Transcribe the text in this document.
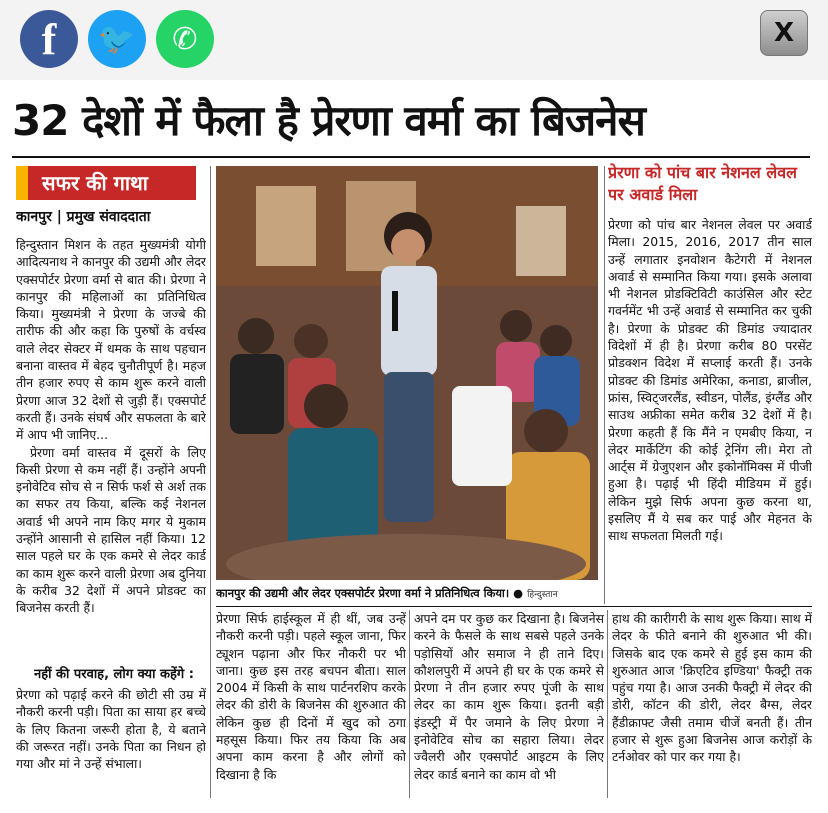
f 🐦 ✆	X
32 देशों में फैला है प्रेरणा वर्मा का बिजनेस
सफर की गाथा
कानपुर | प्रमुख संवाददाता

हिन्दुस्तान मिशन के तहत मुख्यमंत्री योगी आदित्यनाथ ने कानपुर की उद्यमी और लेदर एक्सपोर्टर प्रेरणा वर्मा से बात की। प्रेरणा ने कानपुर की महिलाओं का प्रतिनिधित्व किया। मुख्यमंत्री ने प्रेरणा के जज्बे की तारीफ की और कहा कि पुरुषों के वर्चस्व वाले लेदर सेक्टर में धमक के साथ पहचान बनाना वास्तव में बेहद चुनौतीपूर्ण है। महज तीन हजार रुपए से काम शुरू करने वाली प्रेरणा आज 32 देशों से जुड़ी हैं। एक्सपोर्ट करती हैं। उनके संघर्ष और सफलता के बारे में आप भी जानिए...

प्रेरणा वर्मा वास्तव में दूसरों के लिए किसी प्रेरणा से कम नहीं हैं। उन्होंने अपनी इनोवेटिव सोच से न सिर्फ फर्श से अर्श तक का सफर तय किया, बल्कि कई नेशनल अवार्ड भी अपने नाम किए मगर ये मुकाम उन्होंने आसानी से हासिल नहीं किया। 12 साल पहले घर के एक कमरे से लेदर कार्ड का काम शुरू करने वाली प्रेरणा अब दुनिया के करीब 32 देशों में अपने प्रोडक्ट का बिजनेस करती हैं।

नहीं की परवाह, लोग क्या कहेंगे :
प्रेरणा को पढ़ाई करने की छोटी सी उम्र में नौकरी करनी पड़ी। पिता का साया हर बच्चे के लिए कितना जरूरी होता है, ये बताने की जरूरत नहीं। उनके पिता का निधन हो गया और मां ने उन्हें संभाला।
कानपुर की उद्यमी और लेदर एक्सपोर्टर प्रेरणा वर्मा ने प्रतिनिधित्व किया। ● हिन्दुस्तान
प्रेरणा को पांच बार नेशनल लेवल पर अवार्ड मिला
प्रेरणा को पांच बार नेशनल लेवल पर अवार्ड मिला। 2015, 2016, 2017 तीन साल उन्हें लगातार इनवोशन कैटेगरी में नेशनल अवार्ड से सम्मानित किया गया। इसके अलावा भी नेशनल प्रोडक्टिविटी काउंसिल और स्टेट गवर्नमेंट भी उन्हें अवार्ड से सम्मानित कर चुकी है। प्रेरणा के प्रोडक्ट की डिमांड ज्यादातर विदेशों में ही है। प्रेरणा करीब 80 परसेंट प्रोडक्शन विदेश में सप्लाई करती हैं। उनके प्रोडक्ट की डिमांड अमेरिका, कनाडा, ब्राजील, फ्रांस, स्विट्जरलैंड, स्वीडन, पोलैंड, इंग्लैंड और साउथ अफ्रीका समेत करीब 32 देशों में है। प्रेरणा कहती हैं कि मैंने न एमबीए किया, न लेदर मार्केटिंग की कोई ट्रेनिंग ली। मेरा तो आर्ट्स में ग्रेजुएशन और इकोनॉमिक्स में पीजी हुआ है। पढ़ाई भी हिंदी मीडियम में हुई। लेकिन मुझे सिर्फ अपना कुछ करना था, इसलिए मैं ये सब कर पाई और मेहनत के साथ सफलता मिलती गई।
प्रेरणा सिर्फ हाईस्कूल में ही थीं, जब उन्हें नौकरी करनी पड़ी। पहले स्कूल जाना, फिर ट्यूशन पढ़ाना और फिर नौकरी पर भी जाना। कुछ इस तरह बचपन बीता। साल 2004 में किसी के साथ पार्टनरशिप करके लेदर की डोरी के बिजनेस की शुरुआत की लेकिन कुछ ही दिनों में खुद को ठगा महसूस किया। फिर तय किया कि अब अपना काम करना है और लोगों को दिखाना है कि
अपने दम पर कुछ कर दिखाना है। बिजनेस करने के फैसले के साथ सबसे पहले उनके पड़ोसियों और समाज ने ही ताने दिए। कौशलपुरी में अपने ही घर के एक कमरे से प्रेरणा ने तीन हजार रुपए पूंजी के साथ लेदर का काम शुरू किया। इतनी बड़ी इंडस्ट्री में पैर जमाने के लिए प्रेरणा ने इनोवेटिव सोच का सहारा लिया। लेदर ज्वैलरी और एक्सपोर्ट आइटम के लिए लेदर कार्ड बनाने का काम वो भी
हाथ की कारीगरी के साथ शुरू किया। साथ में लेदर के फीते बनाने की शुरुआत भी की। जिसके बाद एक कमरे से हुई इस काम की शुरुआत आज 'क्रिएटिव इण्डिया' फैक्ट्री तक पहुंच गया है। आज उनकी फैक्ट्री में लेदर की डोरी, कॉटन की डोरी, लेदर बैग्स, लेदर हैंडीक्राफ्ट जैसी तमाम चीजें बनती हैं। तीन हजार से शुरू हुआ बिजनेस आज करोड़ों के टर्नओवर को पार कर गया है।
